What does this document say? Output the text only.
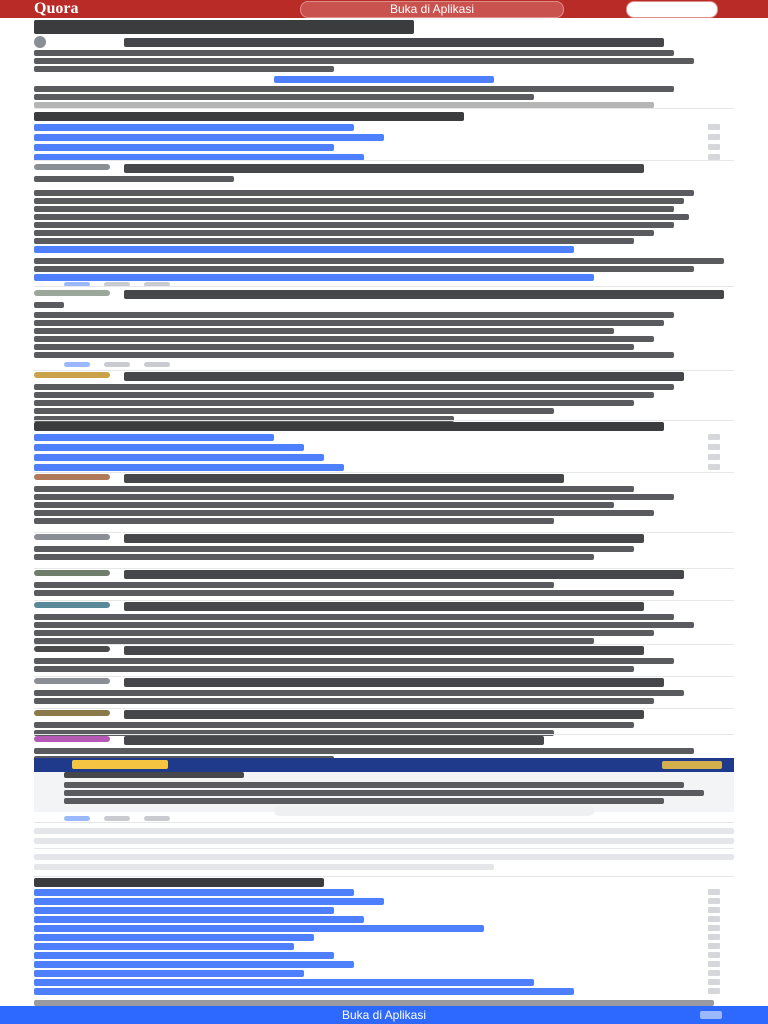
Quora	Buka di Aplikasi
Buka di Aplikasi
